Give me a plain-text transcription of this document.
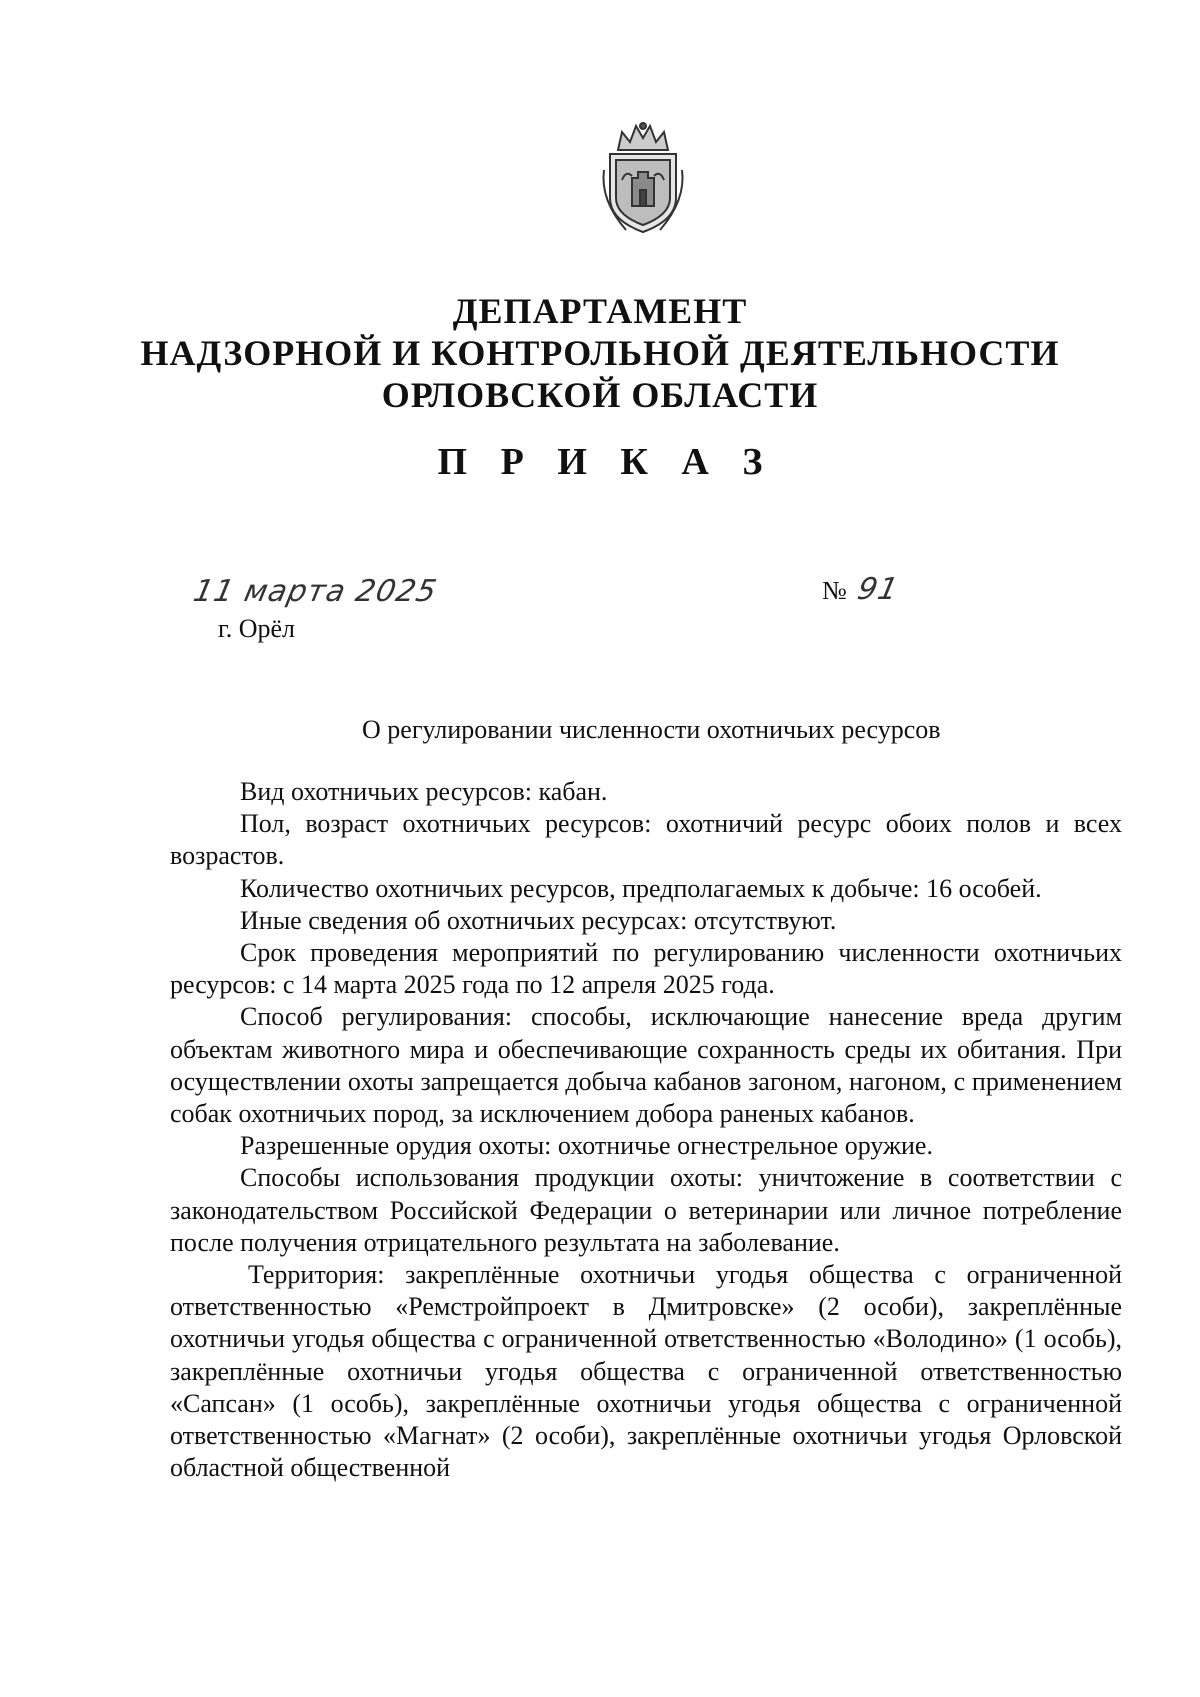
ДЕПАРТАМЕНТ
НАДЗОРНОЙ И КОНТРОЛЬНОЙ ДЕЯТЕЛЬНОСТИ
ОРЛОВСКОЙ ОБЛАСТИ
П Р И К А З
11 марта 2025	№ 91
г. Орёл
О регулировании численности охотничьих ресурсов

Вид охотничьих ресурсов: кабан.

Пол, возраст охотничьих ресурсов: охотничий ресурс обоих полов и всех возрастов.

Количество охотничьих ресурсов, предполагаемых к добыче: 16 особей.

Иные сведения об охотничьих ресурсах: отсутствуют.

Срок проведения мероприятий по регулированию численности охотничьих ресурсов: с 14 марта 2025 года по 12 апреля 2025 года.

Способ регулирования: способы, исключающие нанесение вреда другим объектам животного мира и обеспечивающие сохранность среды их обитания. При осуществлении охоты запрещается добыча кабанов загоном, нагоном, с применением собак охотничьих пород, за исключением добора раненых кабанов.

Разрешенные орудия охоты: охотничье огнестрельное оружие.

Способы использования продукции охоты: уничтожение в соответствии с законодательством Российской Федерации о ветеринарии или личное потребление после получения отрицательного результата на заболевание.

Территория: закреплённые охотничьи угодья общества с ограниченной ответственностью «Ремстройпроект в Дмитровске» (2 особи), закреплённые охотничьи угодья общества с ограниченной ответственностью «Володино» (1 особь), закреплённые охотничьи угодья общества с ограниченной ответственностью «Сапсан» (1 особь), закреплённые охотничьи угодья общества с ограниченной ответственностью «Магнат» (2 особи), закреплённые охотничьи угодья Орловской областной общественной
